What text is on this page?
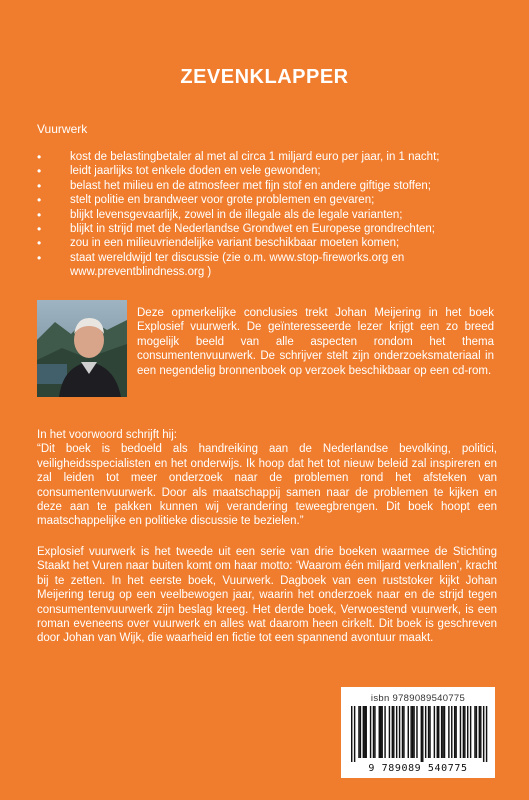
ZEVENKLAPPER
Vuurwerk
• kost de belastingbetaler al met al circa 1 miljard euro per jaar, in 1 nacht;
• leidt jaarlijks tot enkele doden en vele gewonden;
• belast het milieu en de atmosfeer met fijn stof en andere giftige stoffen;
• stelt politie en brandweer voor grote problemen en gevaren;
• blijkt levensgevaarlijk, zowel in de illegale als de legale varianten;
• blijkt in strijd met de Nederlandse Grondwet en Europese grondrechten;
• zou in een milieuvriendelijke variant beschikbaar moeten komen;
• staat wereldwijd ter discussie (zie o.m. www.stop-fireworks.org en www.preventblindness.org )

Deze opmerkelijke conclusies trekt Johan Meijering in het boek Explosief vuurwerk. De geïnteresseerde lezer krijgt een zo breed mogelijk beeld van alle aspecten rondom het thema consumentenvuurwerk. De schrijver stelt zijn onderzoeksmateriaal in een negendelig bronnenboek op verzoek beschikbaar op een cd-rom.

In het voorwoord schrijft hij:
“Dit boek is bedoeld als handreiking aan de Nederlandse bevolking, politici, veiligheidsspecialisten en het onderwijs. Ik hoop dat het tot nieuw beleid zal inspireren en zal leiden tot meer onderzoek naar de problemen rond het afsteken van consumentenvuurwerk. Door als maatschappij samen naar de problemen te kijken en deze aan te pakken kunnen wij verandering teweegbrengen. Dit boek hoopt een maatschappelijke en politieke discussie te bezielen.”

Explosief vuurwerk is het tweede uit een serie van drie boeken waarmee de Stichting Staakt het Vuren naar buiten komt om haar motto: ‘Waarom één miljard verknallen’, kracht bij te zetten. In het eerste boek, Vuurwerk. Dagboek van een ruststoker kijkt Johan Meijering terug op een veelbewogen jaar, waarin het onderzoek naar en de strijd tegen consumentenvuurwerk zijn beslag kreeg. Het derde boek, Verwoestend vuurwerk, is een roman eveneens over vuurwerk en alles wat daarom heen cirkelt. Dit boek is geschreven door Johan van Wijk, die waarheid en fictie tot een spannend avontuur maakt.

isbn 9789089540775
9 789089 540775
